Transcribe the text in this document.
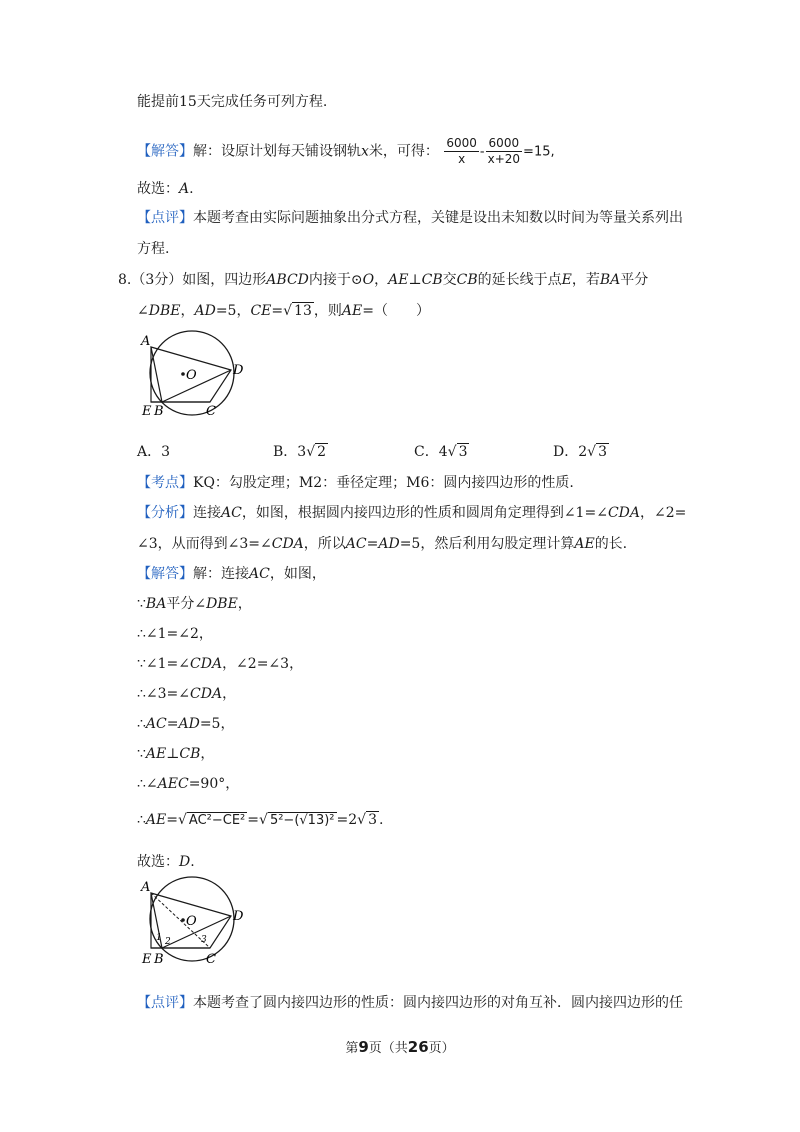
能提前15天完成任务可列方程.
【解答】解：设原计划每天铺设钢轨x米，可得： $\frac{6000}{x} - \frac{6000}{x+20} =15$,
故选：A.
【点评】本题考查由实际问题抽象出分式方程，关键是设出未知数以时间为等量关系列出
方程.
8.（3分）如图，四边形ABCD内接于⊙O，AE⊥CB交CB的延长线于点E，若BA平分
∠DBE，AD=5，CE=√ 13 ，则AE=（　　）
A
O	D
E B	C
A．3	B．3√ 2	C．4√ 3	D．2√ 3
【考点】KQ：勾股定理；M2：垂径定理；M6：圆内接四边形的性质.
【分析】连接AC，如图，根据圆内接四边形的性质和圆周角定理得到∠1=∠CDA，∠2=
∠3，从而得到∠3=∠CDA，所以AC=AD=5，然后利用勾股定理计算AE的长.
【解答】解：连接AC，如图，
∵BA平分∠DBE，
∴∠1=∠2，
∵∠1=∠CDA，∠2=∠3，
∴∠3=∠CDA，
∴AC=AD=5，
∵AE⊥CB，
∴∠AEC=90°，
∴AE=√ AC²−CE² =√ 5²−(√13)² =2√ 3 .
故选：D.
A
O	D
E B	C
1 2	3
【点评】本题考查了圆内接四边形的性质：圆内接四边形的对角互补．圆内接四边形的任
第9页（共26页）
